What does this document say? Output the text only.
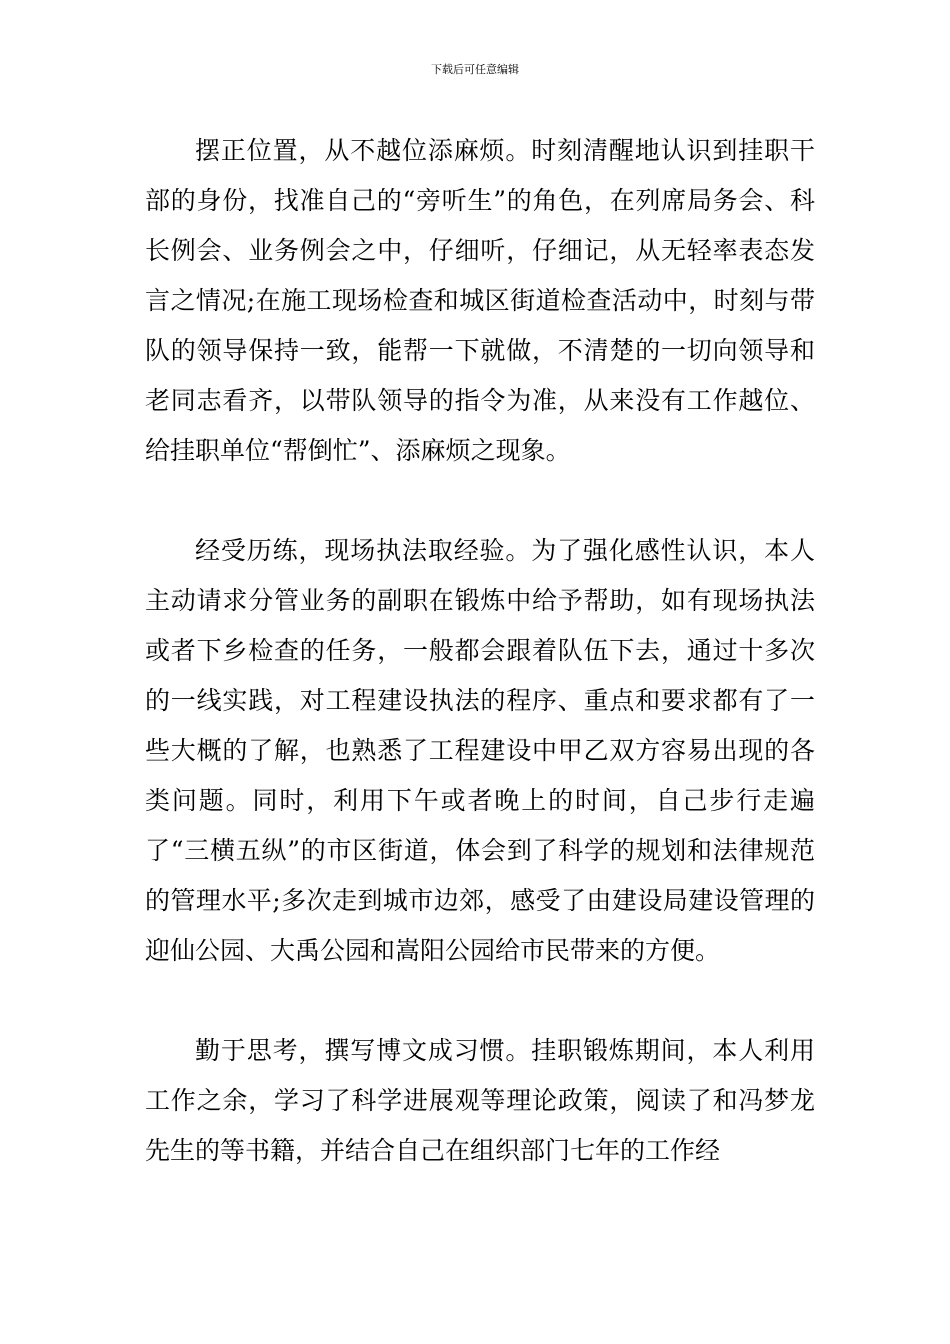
下载后可任意编辑

摆正位置，从不越位添麻烦。时刻清醒地认识到挂职干部的身份，找准自己的“旁听生”的角色，在列席局务会、科长例会、业务例会之中，仔细听，仔细记，从无轻率表态发言之情况;在施工现场检查和城区街道检查活动中，时刻与带队的领导保持一致，能帮一下就做，不清楚的一切向领导和老同志看齐，以带队领导的指令为准，从来没有工作越位、给挂职单位“帮倒忙”、添麻烦之现象。

经受历练，现场执法取经验。为了强化感性认识，本人主动请求分管业务的副职在锻炼中给予帮助，如有现场执法或者下乡检查的任务，一般都会跟着队伍下去，通过十多次的一线实践，对工程建设执法的程序、重点和要求都有了一些大概的了解，也熟悉了工程建设中甲乙双方容易出现的各类问题。同时，利用下午或者晚上的时间，自己步行走遍了“三横五纵”的市区街道，体会到了科学的规划和法律规范的管理水平;多次走到城市边郊，感受了由建设局建设管理的迎仙公园、大禹公园和嵩阳公园给市民带来的方便。

勤于思考，撰写博文成习惯。挂职锻炼期间，本人利用工作之余，学习了科学进展观等理论政策，阅读了和冯梦龙先生的等书籍，并结合自己在组织部门七年的工作经
